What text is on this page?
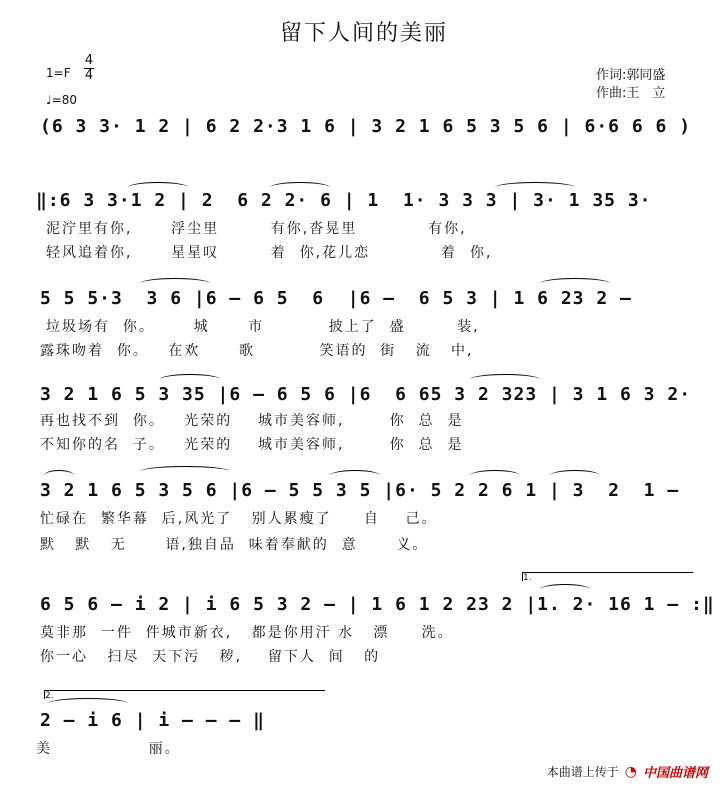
留下人间的美丽
1=F
4
4
♩=80
作词:郭同盛
作曲:王　立
(6 3 3· 1 2 | 6 2 2·3 1 6 | 3 2 1 6 5 3 5 6 | 6·6 6 6 )
‖:6 3 3·1 2 | 2  6 2 2· 6 | 1  1· 3 3 3 | 3· 1 35 3·
泥泞里有你,      浮尘里        有你,沓晃里           有你,
轻风追着你,      星星叹        着  你,花儿恋           着  你,
5 5 5·3  3 6 |6 – 6 5  6  |6 –  6 5 3 | 1 6 23 2 –
垃圾场有  你。      城      市          披上了  盛        装,
露珠吻着  你。   在欢      歌          笑语的  街   流   中,
3 2 1 6 5 3 35 |6 – 6 5 6 |6  6 65 3 2 323 | 3 1 6 3 2·
再也找不到  你。   光荣的    城市美容师,       你  总  是
不知你的名  子。   光荣的    城市美容师,       你  总  是
3 2 1 6 5 3 5 6 |6 – 5 5 3 5 |6· 5 2 2 6 1 | 3  2  1 –
忙碌在  繁华幕  后,风光了   别人累瘦了     自    己。
默   默   无      语,独自品  味着奉献的  意      义。
1.
6 5 6 – i 2 | i 6 5 3 2 – | 1 6 1 2 23 2 |1. 2· 16 1 – :‖
莫非那  一件  件城市新衣,   都是你用汗 水   漂     洗。
你一心   扫尽  天下污   秽,    留下人  间   的
2.
2 – i 6 | i – – – ‖
美               丽。
本曲谱上传于 ◔ 中国曲谱网
